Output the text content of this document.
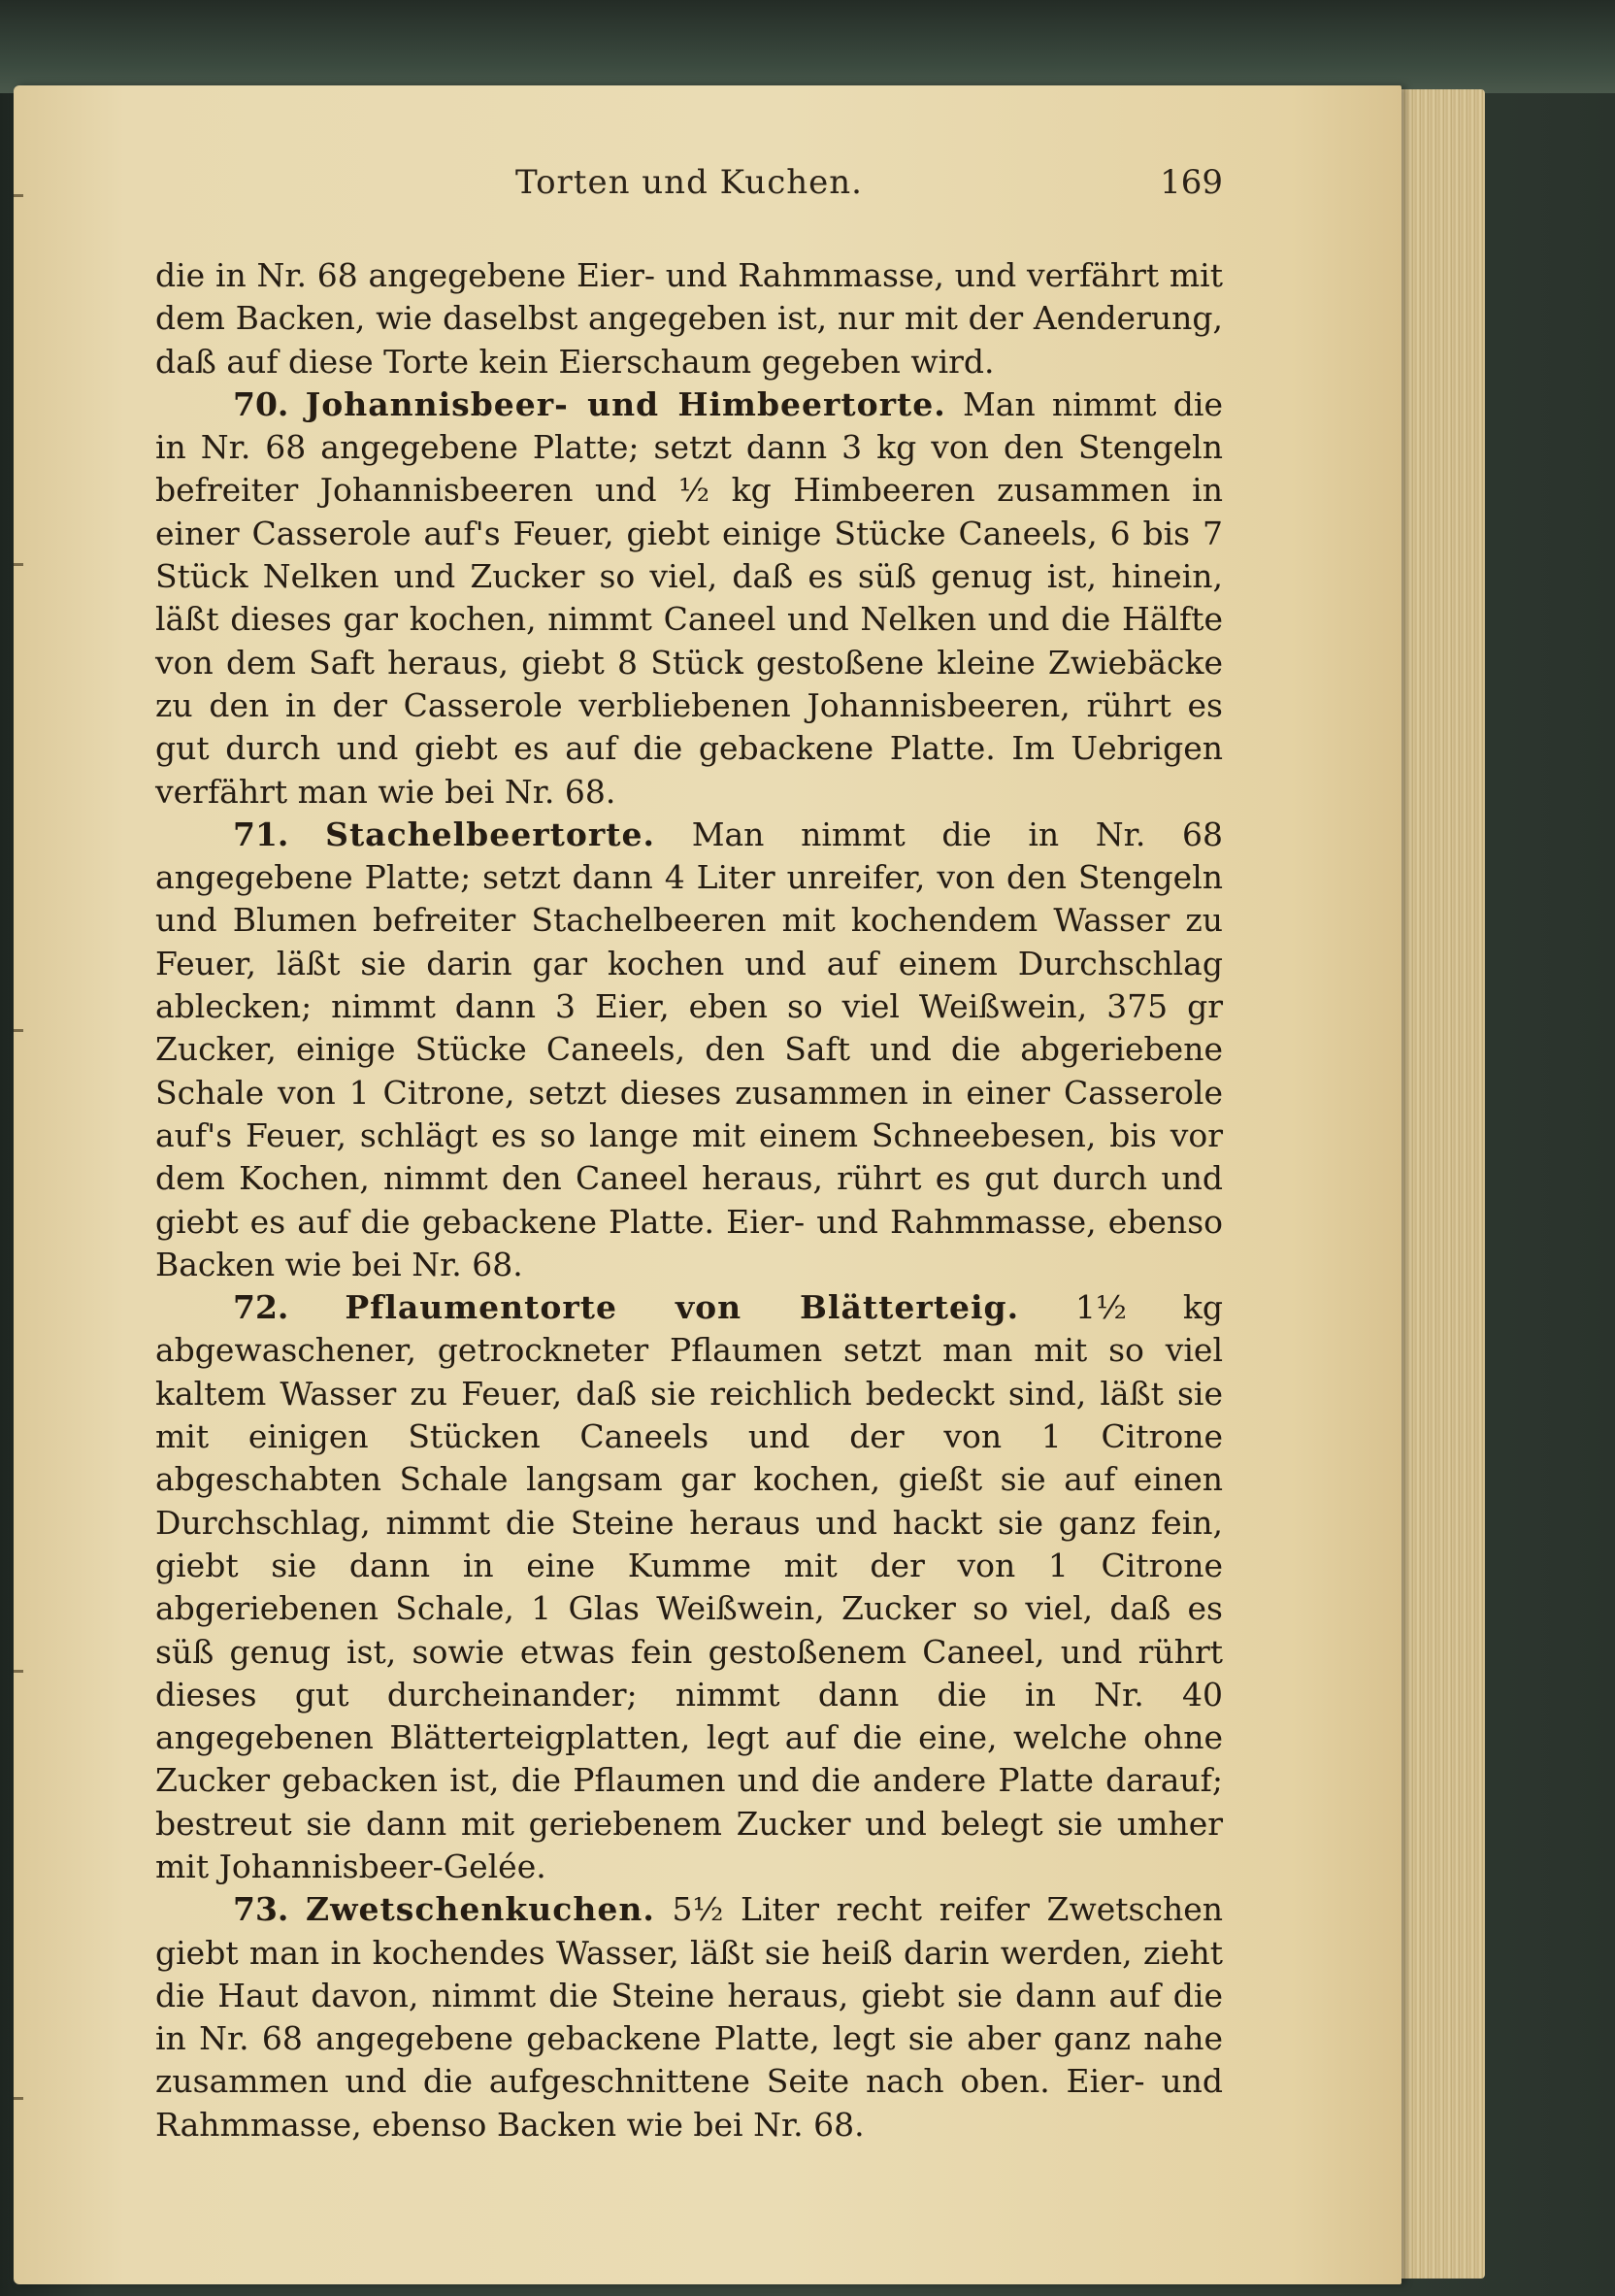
Torten und Kuchen.	169

die in Nr. 68 angegebene Eier- und Rahmmasse, und verfährt mit dem Backen, wie daselbst angegeben ist, nur mit der Aenderung, daß auf diese Torte kein Eierschaum gegeben wird.

70. Johannisbeer- und Himbeertorte. Man nimmt die in Nr. 68 angegebene Platte; setzt dann 3 kg von den Stengeln befreiter Johannisbeeren und ½ kg Himbeeren zusammen in einer Casserole auf's Feuer, giebt einige Stücke Caneels, 6 bis 7 Stück Nelken und Zucker so viel, daß es süß genug ist, hinein, läßt dieses gar kochen, nimmt Caneel und Nelken und die Hälfte von dem Saft heraus, giebt 8 Stück gestoßene kleine Zwiebäcke zu den in der Casserole verbliebenen Johannisbeeren, rührt es gut durch und giebt es auf die gebackene Platte. Im Uebrigen verfährt man wie bei Nr. 68.

71. Stachelbeertorte. Man nimmt die in Nr. 68 angegebene Platte; setzt dann 4 Liter unreifer, von den Stengeln und Blumen befreiter Stachelbeeren mit kochendem Wasser zu Feuer, läßt sie darin gar kochen und auf einem Durchschlag ablecken; nimmt dann 3 Eier, eben so viel Weißwein, 375 gr Zucker, einige Stücke Caneels, den Saft und die abgeriebene Schale von 1 Citrone, setzt dieses zusammen in einer Casserole auf's Feuer, schlägt es so lange mit einem Schneebesen, bis vor dem Kochen, nimmt den Caneel heraus, rührt es gut durch und giebt es auf die gebackene Platte. Eier- und Rahmmasse, ebenso Backen wie bei Nr. 68.

72. Pflaumentorte von Blätterteig. 1½ kg abgewaschener, getrockneter Pflaumen setzt man mit so viel kaltem Wasser zu Feuer, daß sie reichlich bedeckt sind, läßt sie mit einigen Stücken Caneels und der von 1 Citrone abgeschabten Schale langsam gar kochen, gießt sie auf einen Durchschlag, nimmt die Steine heraus und hackt sie ganz fein, giebt sie dann in eine Kumme mit der von 1 Citrone abgeriebenen Schale, 1 Glas Weißwein, Zucker so viel, daß es süß genug ist, sowie etwas fein gestoßenem Caneel, und rührt dieses gut durcheinander; nimmt dann die in Nr. 40 angegebenen Blätterteigplatten, legt auf die eine, welche ohne Zucker gebacken ist, die Pflaumen und die andere Platte darauf; bestreut sie dann mit geriebenem Zucker und belegt sie umher mit Johannisbeer-Gelée.

73. Zwetschenkuchen. 5½ Liter recht reifer Zwetschen giebt man in kochendes Wasser, läßt sie heiß darin werden, zieht die Haut davon, nimmt die Steine heraus, giebt sie dann auf die in Nr. 68 angegebene gebackene Platte, legt sie aber ganz nahe zusammen und die aufgeschnittene Seite nach oben. Eier- und Rahmmasse, ebenso Backen wie bei Nr. 68.
